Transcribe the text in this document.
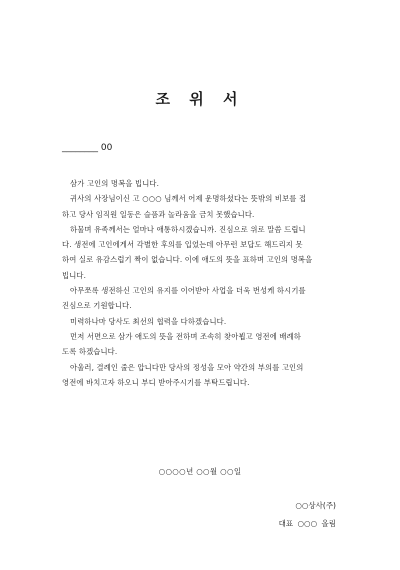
조 위 서
________ 00
삼가 고인의 명복을 빕니다.
귀사의 사장님이신 고 ○○○ 님께서 어제 운명하셨다는 뜻밖의 비보를 접
하고 당사 임직원 일동은 슬픔과 놀라움을 금치 못했습니다.
하물며 유족께서는 얼마나 애통하시겠습니까. 진심으로 위로 말씀 드립니
다. 생전에 고인에게서 각별한 후의를 입었는데 아무런 보답도 해드리지 못
하여 실로 유감스럽기 짝이 없습니다. 이에 애도의 뜻을 표하며 고인의 명복을
빕니다.
아무쪼록 생전하신 고인의 유지를 이어받아 사업을 더욱 번성케 하시기를
진심으로 기원합니다.
미력하나마 당사도 최선의 협력을 다하겠습니다.
먼저 서면으로 삼가 애도의 뜻을 전하며 조속히 찾아뵙고 영전에 배례하
도록 하겠습니다.
아울러, 결례인 줄은 압니다만 당사의 정성을 모아 약간의 부의를 고인의
영전에 바치고자 하오니 부디 받아주시기를 부탁드립니다.
○○○○년 ○○월 ○○일
○○상사(주)
대표 ○○○ 올림
